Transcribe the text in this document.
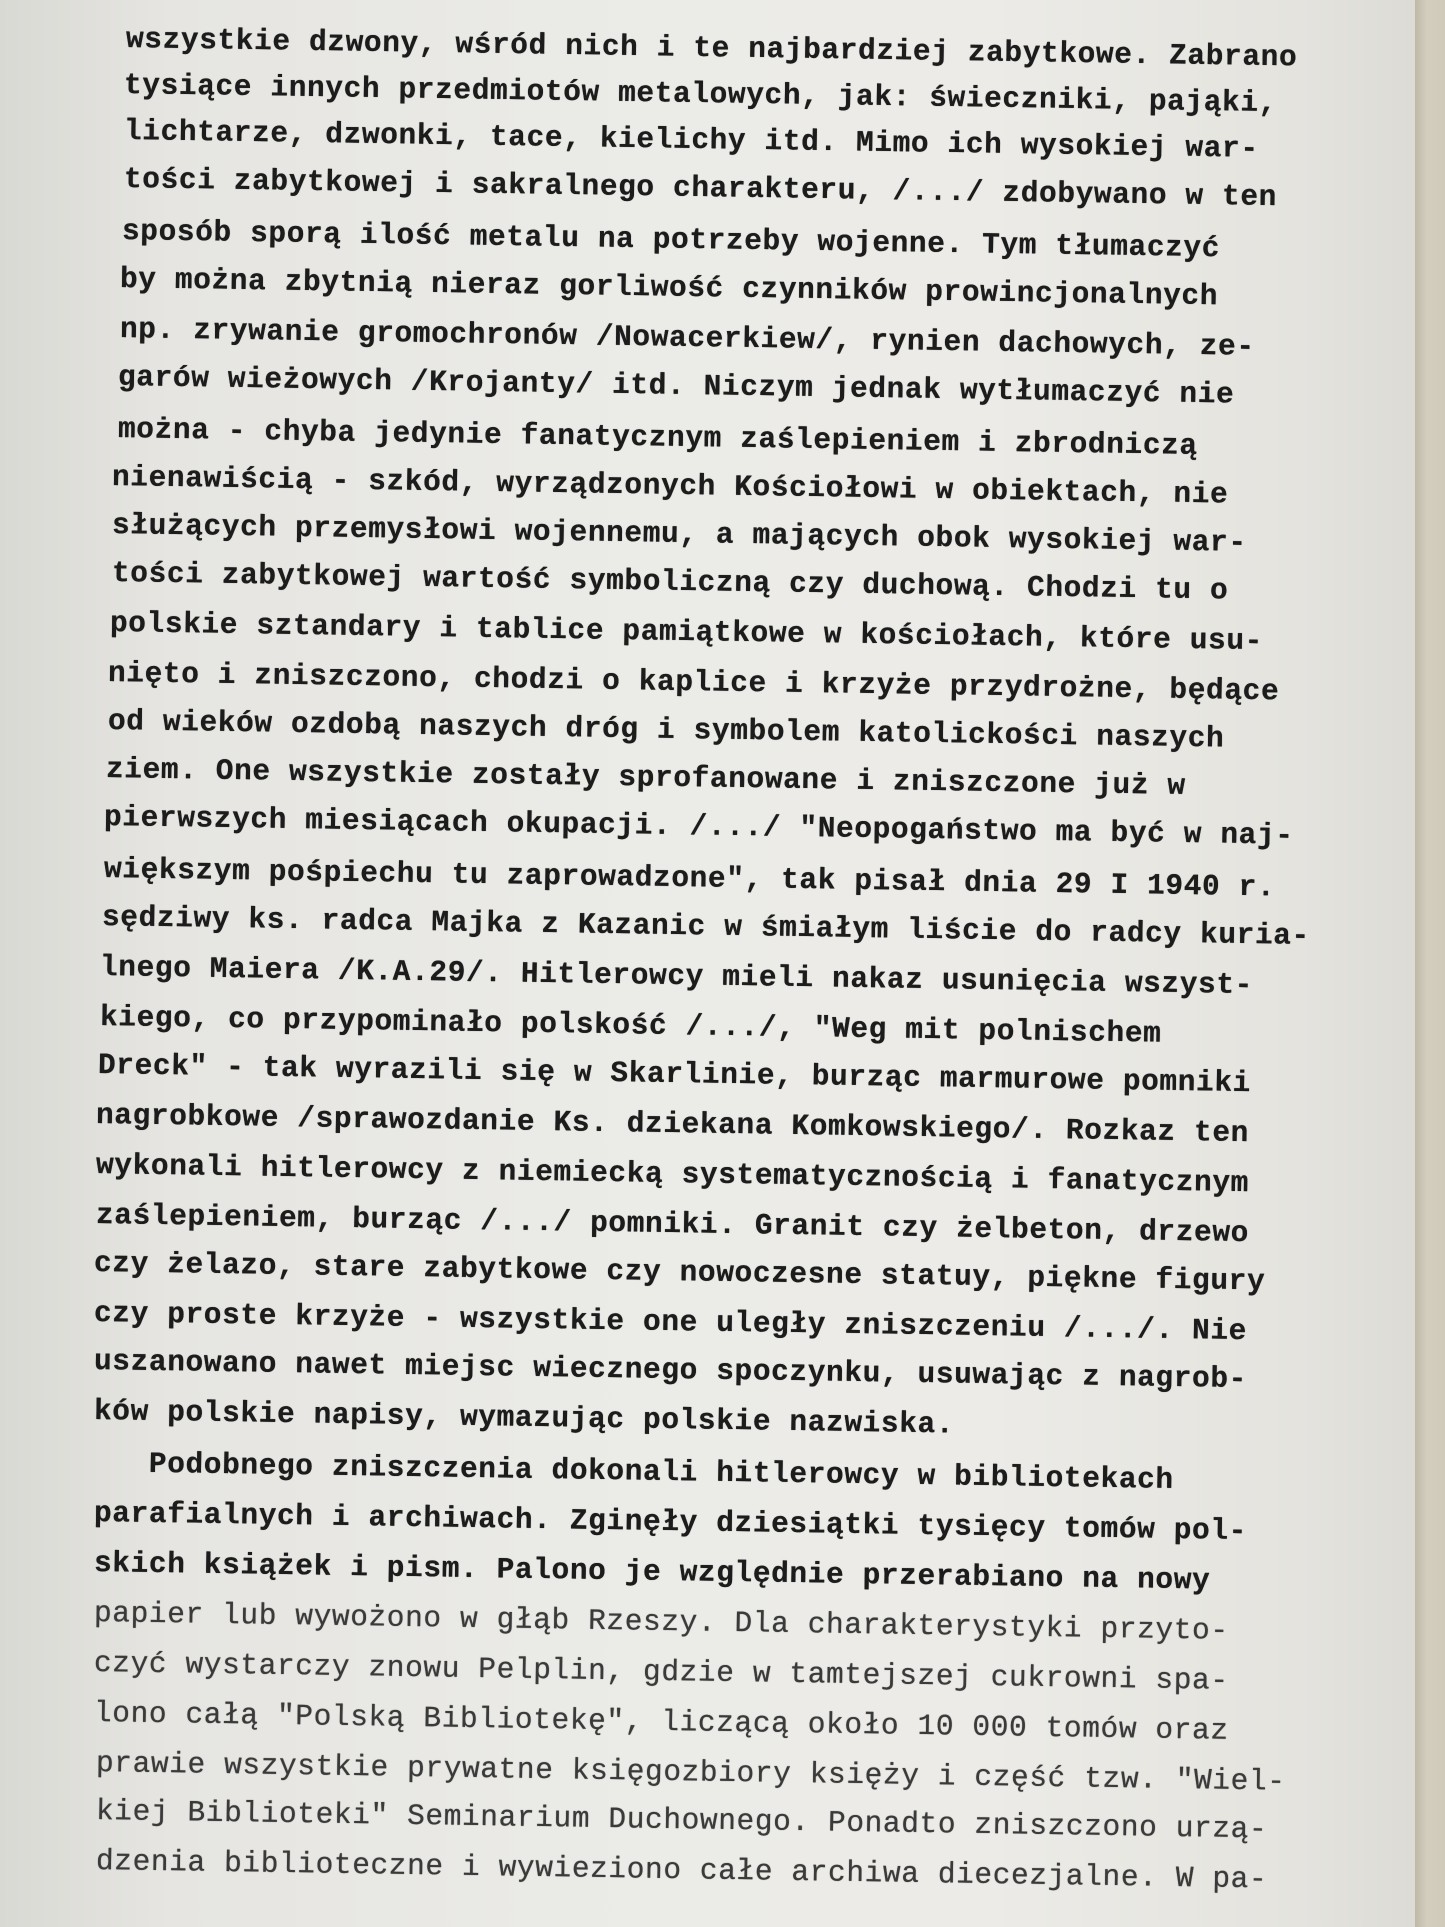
wszystkie dzwony, wśród nich i te najbardziej zabytkowe. Zabrano
tysiące innych przedmiotów metalowych, jak: świeczniki, pająki,
lichtarze, dzwonki, tace, kielichy itd. Mimo ich wysokiej war-
tości zabytkowej i sakralnego charakteru, /.../ zdobywano w ten
sposób sporą ilość metalu na potrzeby wojenne. Tym tłumaczyć
by można zbytnią nieraz gorliwość czynników prowincjonalnych
np. zrywanie gromochronów /Nowacerkiew/, rynien dachowych, ze-
garów wieżowych /Krojanty/ itd. Niczym jednak wytłumaczyć nie
można - chyba jedynie fanatycznym zaślepieniem i zbrodniczą
nienawiścią - szkód, wyrządzonych Kościołowi w obiektach, nie
służących przemysłowi wojennemu, a mających obok wysokiej war-
tości zabytkowej wartość symboliczną czy duchową. Chodzi tu o
polskie sztandary i tablice pamiątkowe w kościołach, które usu-
nięto i zniszczono, chodzi o kaplice i krzyże przydrożne, będące
od wieków ozdobą naszych dróg i symbolem katolickości naszych
ziem. One wszystkie zostały sprofanowane i zniszczone już w
pierwszych miesiącach okupacji. /.../ "Neopogaństwo ma być w naj-
większym pośpiechu tu zaprowadzone", tak pisał dnia 29 I 1940 r.
sędziwy ks. radca Majka z Kazanic w śmiałym liście do radcy kuria-
lnego Maiera /K.A.29/. Hitlerowcy mieli nakaz usunięcia wszyst-
kiego, co przypominało polskość /.../, "Weg mit polnischem
Dreck" - tak wyrazili się w Skarlinie, burząc marmurowe pomniki
nagrobkowe /sprawozdanie Ks. dziekana Komkowskiego/. Rozkaz ten
wykonali hitlerowcy z niemiecką systematycznością i fanatycznym
zaślepieniem, burząc /.../ pomniki. Granit czy żelbeton, drzewo
czy żelazo, stare zabytkowe czy nowoczesne statuy, piękne figury
czy proste krzyże - wszystkie one uległy zniszczeniu /.../. Nie
uszanowano nawet miejsc wiecznego spoczynku, usuwając z nagrob-
ków polskie napisy, wymazując polskie nazwiska.
Podobnego zniszczenia dokonali hitlerowcy w bibliotekach
parafialnych i archiwach. Zginęły dziesiątki tysięcy tomów pol-
skich książek i pism. Palono je względnie przerabiano na nowy
papier lub wywożono w głąb Rzeszy. Dla charakterystyki przyto-
czyć wystarczy znowu Pelplin, gdzie w tamtejszej cukrowni spa-
lono całą "Polską Bibliotekę", liczącą około 10 000 tomów oraz
prawie wszystkie prywatne księgozbiory księży i część tzw. "Wiel-
kiej Biblioteki" Seminarium Duchownego. Ponadto zniszczono urzą-
dzenia biblioteczne i wywieziono całe archiwa diecezjalne. W pa-
